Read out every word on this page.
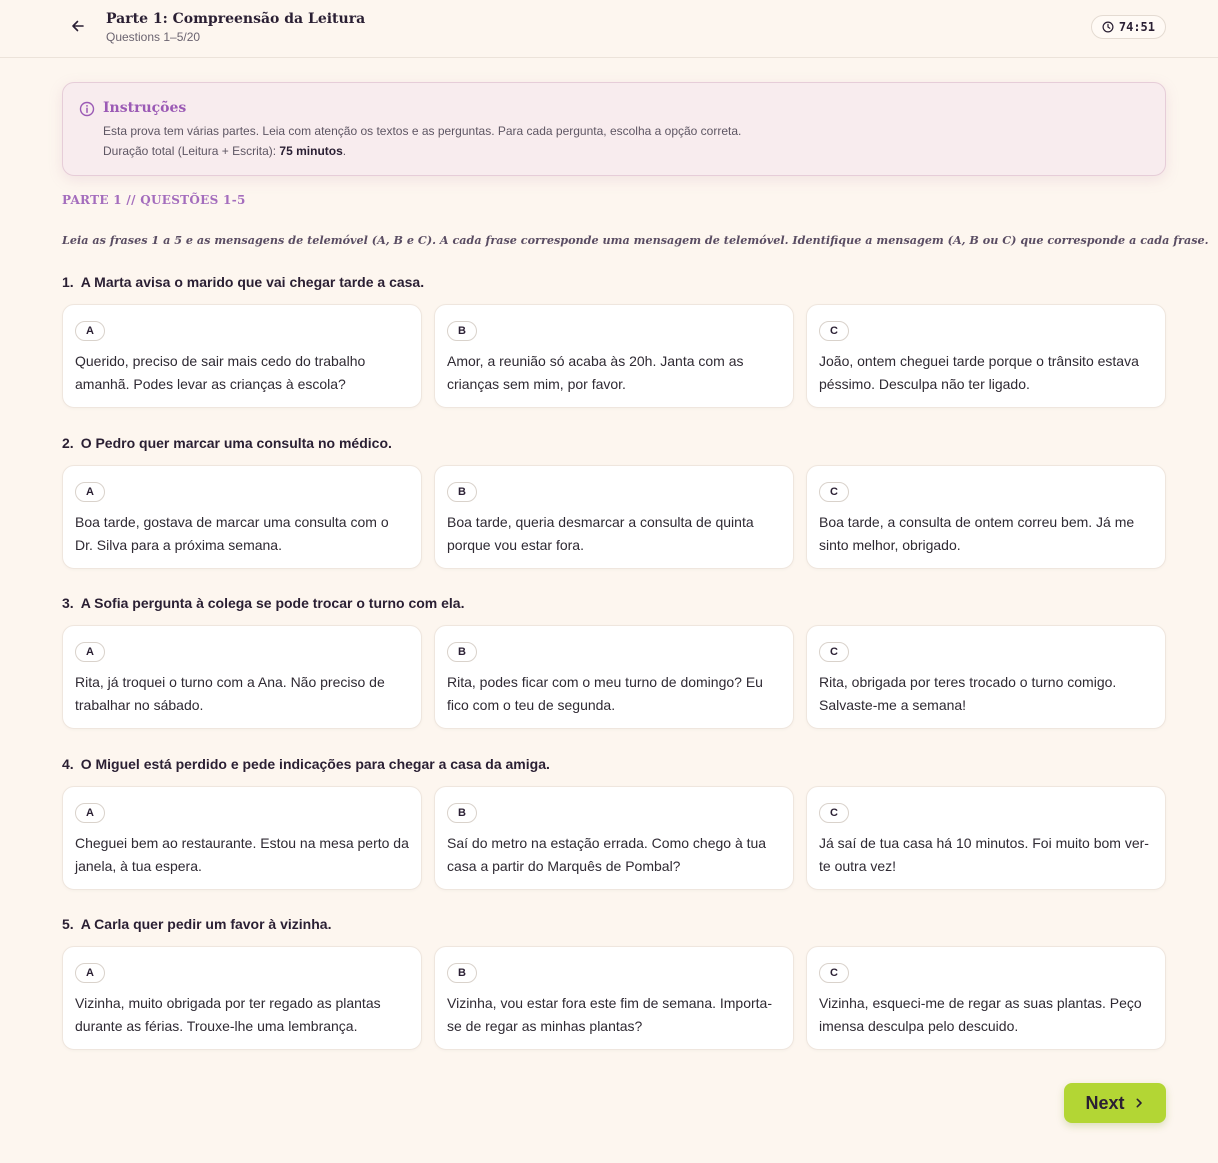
Parte 1: Compreensão da Leitura
Questions 1–5/20
74:51
Instruções
Esta prova tem várias partes. Leia com atenção os textos e as perguntas. Para cada pergunta, escolha a opção correta.
Duração total (Leitura + Escrita): 75 minutos.
PARTE 1 // QUESTÕES 1-5
Leia as frases 1 a 5 e as mensagens de telemóvel (A, B e C). A cada frase corresponde uma mensagem de telemóvel. Identifique a mensagem (A, B ou C) que corresponde a cada frase.
1. A Marta avisa o marido que vai chegar tarde a casa.
A
Querido, preciso de sair mais cedo do trabalho amanhã. Podes levar as crianças à escola?
B
Amor, a reunião só acaba às 20h. Janta com as crianças sem mim, por favor.
C
João, ontem cheguei tarde porque o trânsito estava péssimo. Desculpa não ter ligado.
2. O Pedro quer marcar uma consulta no médico.
A
Boa tarde, gostava de marcar uma consulta com o Dr. Silva para a próxima semana.
B
Boa tarde, queria desmarcar a consulta de quinta porque vou estar fora.
C
Boa tarde, a consulta de ontem correu bem. Já me sinto melhor, obrigado.
3. A Sofia pergunta à colega se pode trocar o turno com ela.
A
Rita, já troquei o turno com a Ana. Não preciso de trabalhar no sábado.
B
Rita, podes ficar com o meu turno de domingo? Eu fico com o teu de segunda.
C
Rita, obrigada por teres trocado o turno comigo. Salvaste-me a semana!
4. O Miguel está perdido e pede indicações para chegar a casa da amiga.
A
Cheguei bem ao restaurante. Estou na mesa perto da janela, à tua espera.
B
Saí do metro na estação errada. Como chego à tua casa a partir do Marquês de Pombal?
C
Já saí de tua casa há 10 minutos. Foi muito bom ver-te outra vez!
5. A Carla quer pedir um favor à vizinha.
A
Vizinha, muito obrigada por ter regado as plantas durante as férias. Trouxe-lhe uma lembrança.
B
Vizinha, vou estar fora este fim de semana. Importa-se de regar as minhas plantas?
C
Vizinha, esqueci-me de regar as suas plantas. Peço imensa desculpa pelo descuido.
Next
